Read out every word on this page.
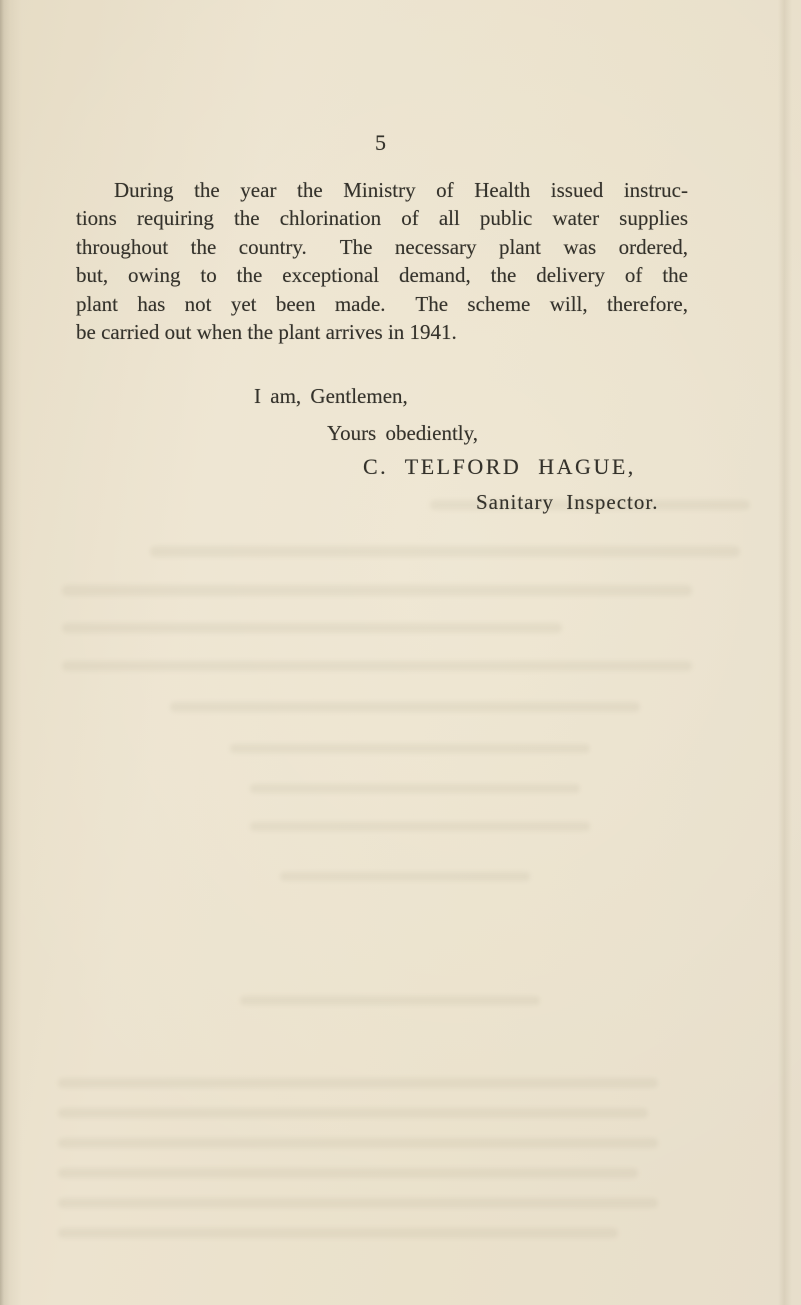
5
During the year the Ministry of Health issued instruc-
tions requiring the chlorination of all public water supplies
throughout the country.  The necessary plant was ordered,
but, owing to the exceptional demand, the delivery of the
plant has not yet been made.  The scheme will, therefore,
be carried out when the plant arrives in 1941.
I am, Gentlemen,
Yours obediently,
C. TELFORD HAGUE,
Sanitary Inspector.
